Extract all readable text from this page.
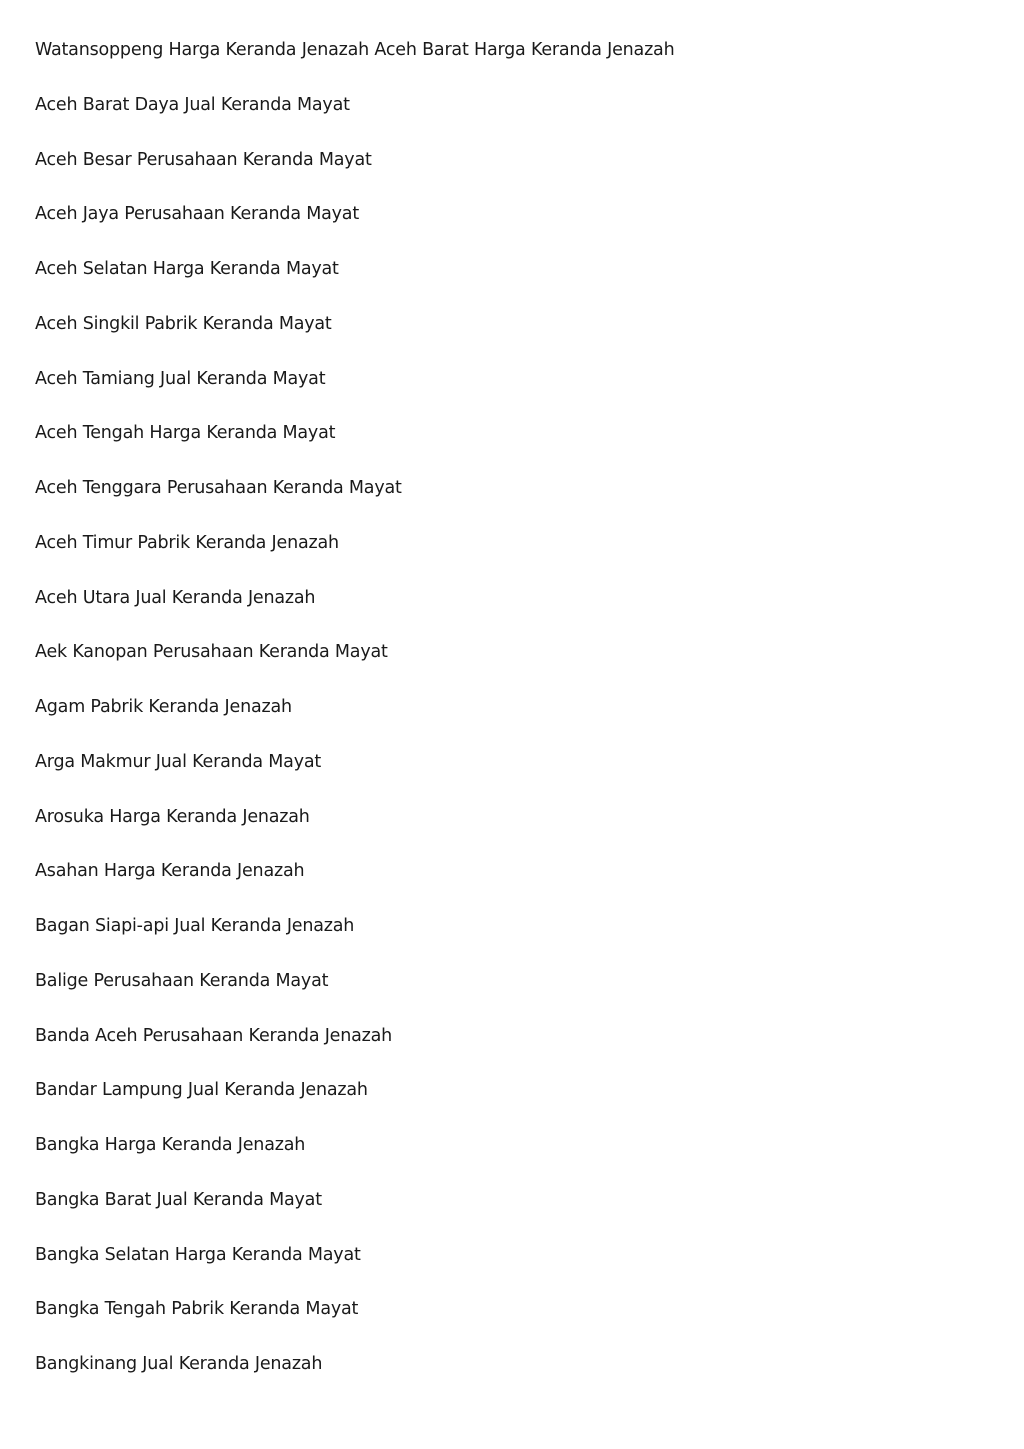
Watansoppeng Harga Keranda Jenazah Aceh Barat Harga Keranda Jenazah
Aceh Barat Daya Jual Keranda Mayat
Aceh Besar Perusahaan Keranda Mayat
Aceh Jaya Perusahaan Keranda Mayat
Aceh Selatan Harga Keranda Mayat
Aceh Singkil Pabrik Keranda Mayat
Aceh Tamiang Jual Keranda Mayat
Aceh Tengah Harga Keranda Mayat
Aceh Tenggara Perusahaan Keranda Mayat
Aceh Timur Pabrik Keranda Jenazah
Aceh Utara Jual Keranda Jenazah
Aek Kanopan Perusahaan Keranda Mayat
Agam Pabrik Keranda Jenazah
Arga Makmur Jual Keranda Mayat
Arosuka Harga Keranda Jenazah
Asahan Harga Keranda Jenazah
Bagan Siapi-api Jual Keranda Jenazah
Balige Perusahaan Keranda Mayat
Banda Aceh Perusahaan Keranda Jenazah
Bandar Lampung Jual Keranda Jenazah
Bangka Harga Keranda Jenazah
Bangka Barat Jual Keranda Mayat
Bangka Selatan Harga Keranda Mayat
Bangka Tengah Pabrik Keranda Mayat
Bangkinang Jual Keranda Jenazah
